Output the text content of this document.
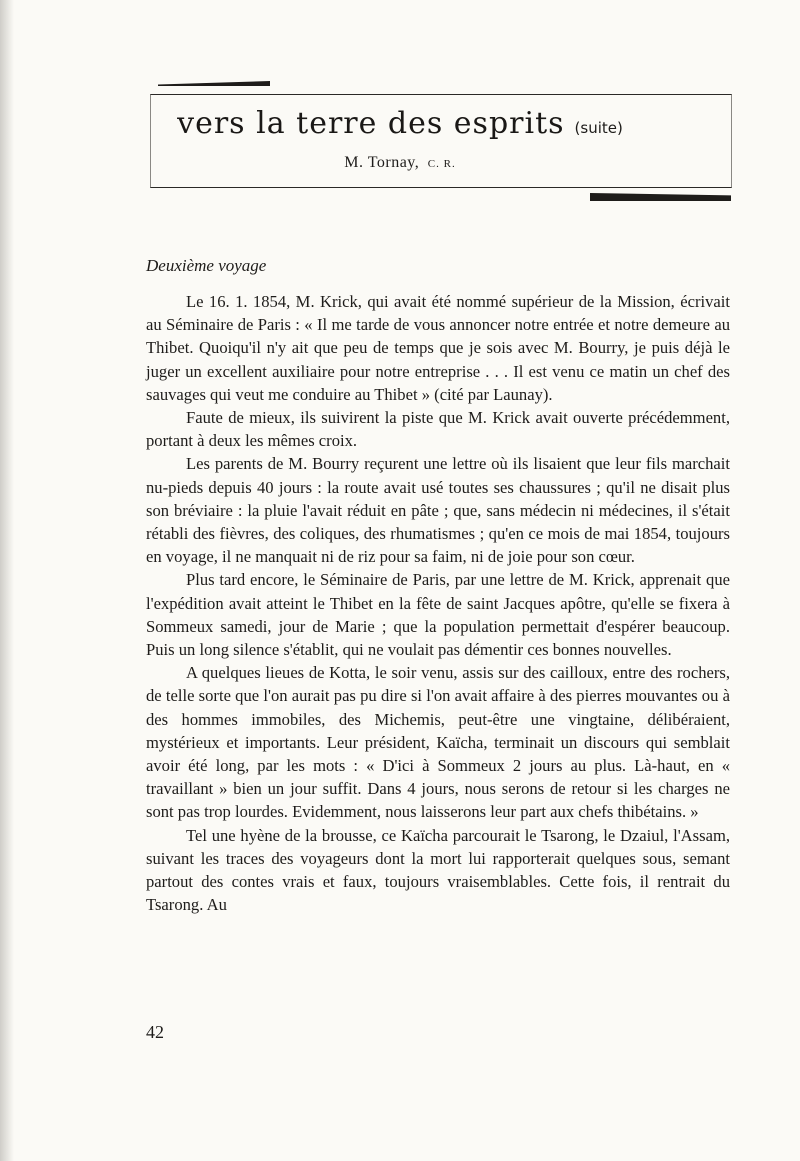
vers la terre des esprits (suite)
M. Tornay, C. R.
Deuxième voyage

Le 16. 1. 1854, M. Krick, qui avait été nommé supérieur de la Mission, écrivait au Séminaire de Paris : « Il me tarde de vous annoncer notre entrée et notre demeure au Thibet. Quoiqu'il n'y ait que peu de temps que je sois avec M. Bourry, je puis déjà le juger un excellent auxiliaire pour notre entreprise . . . Il est venu ce matin un chef des sauvages qui veut me conduire au Thibet » (cité par Launay).

Faute de mieux, ils suivirent la piste que M. Krick avait ouverte précédemment, portant à deux les mêmes croix.

Les parents de M. Bourry reçurent une lettre où ils lisaient que leur fils marchait nu-pieds depuis 40 jours : la route avait usé toutes ses chaussures ; qu'il ne disait plus son bréviaire : la pluie l'avait réduit en pâte ; que, sans médecin ni médecines, il s'était rétabli des fièvres, des coliques, des rhumatismes ; qu'en ce mois de mai 1854, toujours en voyage, il ne manquait ni de riz pour sa faim, ni de joie pour son cœur.

Plus tard encore, le Séminaire de Paris, par une lettre de M. Krick, apprenait que l'expédition avait atteint le Thibet en la fête de saint Jacques apôtre, qu'elle se fixera à Sommeux samedi, jour de Marie ; que la population permettait d'espérer beaucoup. Puis un long silence s'établit, qui ne voulait pas démentir ces bonnes nouvelles.

A quelques lieues de Kotta, le soir venu, assis sur des cailloux, entre des rochers, de telle sorte que l'on aurait pas pu dire si l'on avait affaire à des pierres mouvantes ou à des hommes immobiles, des Michemis, peut-être une vingtaine, délibéraient, mystérieux et importants. Leur président, Kaïcha, terminait un discours qui semblait avoir été long, par les mots : « D'ici à Sommeux 2 jours au plus. Là-haut, en « travaillant » bien un jour suffit. Dans 4 jours, nous serons de retour si les charges ne sont pas trop lourdes. Evidemment, nous laisserons leur part aux chefs thibétains. »

Tel une hyène de la brousse, ce Kaïcha parcourait le Tsarong, le Dzaiul, l'Assam, suivant les traces des voyageurs dont la mort lui rapporterait quelques sous, semant partout des contes vrais et faux, toujours vraisemblables. Cette fois, il rentrait du Tsarong. Au

42
